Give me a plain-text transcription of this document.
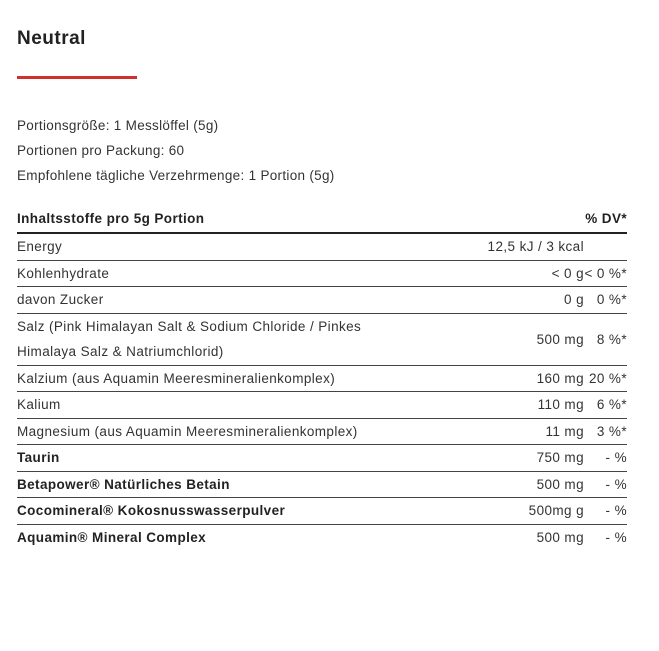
Neutral
Portionsgröße: 1 Messlöffel (5g)
Portionen pro Packung: 60
Empfohlene tägliche Verzehrmenge: 1 Portion (5g)
Inhaltsstoffe pro 5g Portion		% DV*
Energy	12,5 kJ / 3 kcal	
Kohlenhydrate	< 0 g	< 0 %*
davon Zucker	0 g	0 %*
Salz (Pink Himalayan Salt & Sodium Chloride / Pinkes Himalaya Salz & Natriumchlorid)	500 mg	8 %*
Kalzium (aus Aquamin Meeresmineralienkomplex)	160 mg	20 %*
Kalium	110 mg	6 %*
Magnesium (aus Aquamin Meeresmineralienkomplex)	11 mg	3 %*
Taurin	750 mg	- %
Betapower® Natürliches Betain	500 mg	- %
Cocomineral® Kokosnusswasserpulver	500mg g	- %
Aquamin® Mineral Complex	500 mg	- %
